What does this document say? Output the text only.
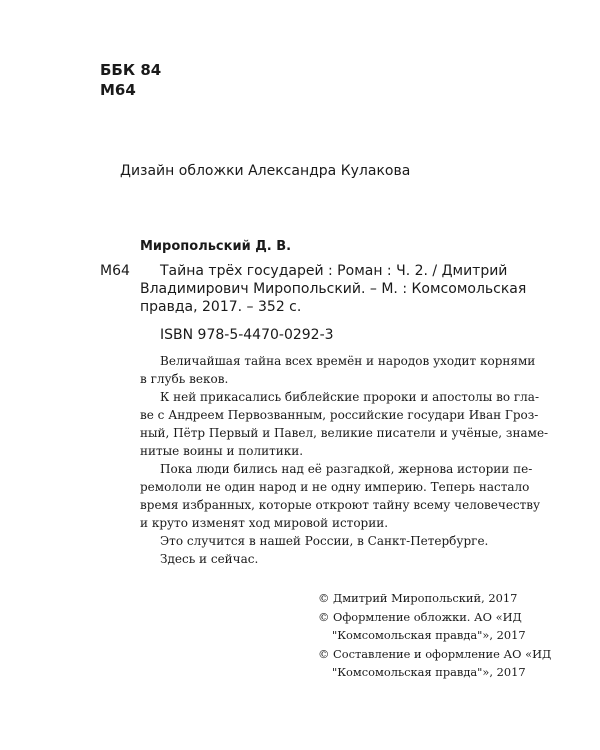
ББК 84
М64
Дизайн обложки Александра Кулакова
Миропольский Д. В.
М64	Тайна трёх государей : Роман : Ч. 2. / Дмитрий
Владимирович Миропольский. – М. : Комсомольская
правда, 2017. – 352 с.
ISBN 978-5-4470-0292-3
Величайшая тайна всех времён и народов уходит корнями
в глубь веков.
К ней прикасались библейские пророки и апостолы во гла-
ве с Андреем Первозванным, российские государи Иван Гроз-
ный, Пётр Первый и Павел, великие писатели и учёные, знаме-
нитые воины и политики.
Пока люди бились над её разгадкой, жернова истории пе-
ремололи не один народ и не одну империю. Теперь настало
время избранных, которые откроют тайну всему человечеству
и круто изменят ход мировой истории.
Это случится в нашей России, в Санкт-Петербурге.
Здесь и сейчас.
© Дмитрий Миропольский, 2017
© Оформление обложки. АО «ИД
"Комсомольская правда"», 2017
© Составление и оформление АО «ИД
"Комсомольская правда"», 2017
